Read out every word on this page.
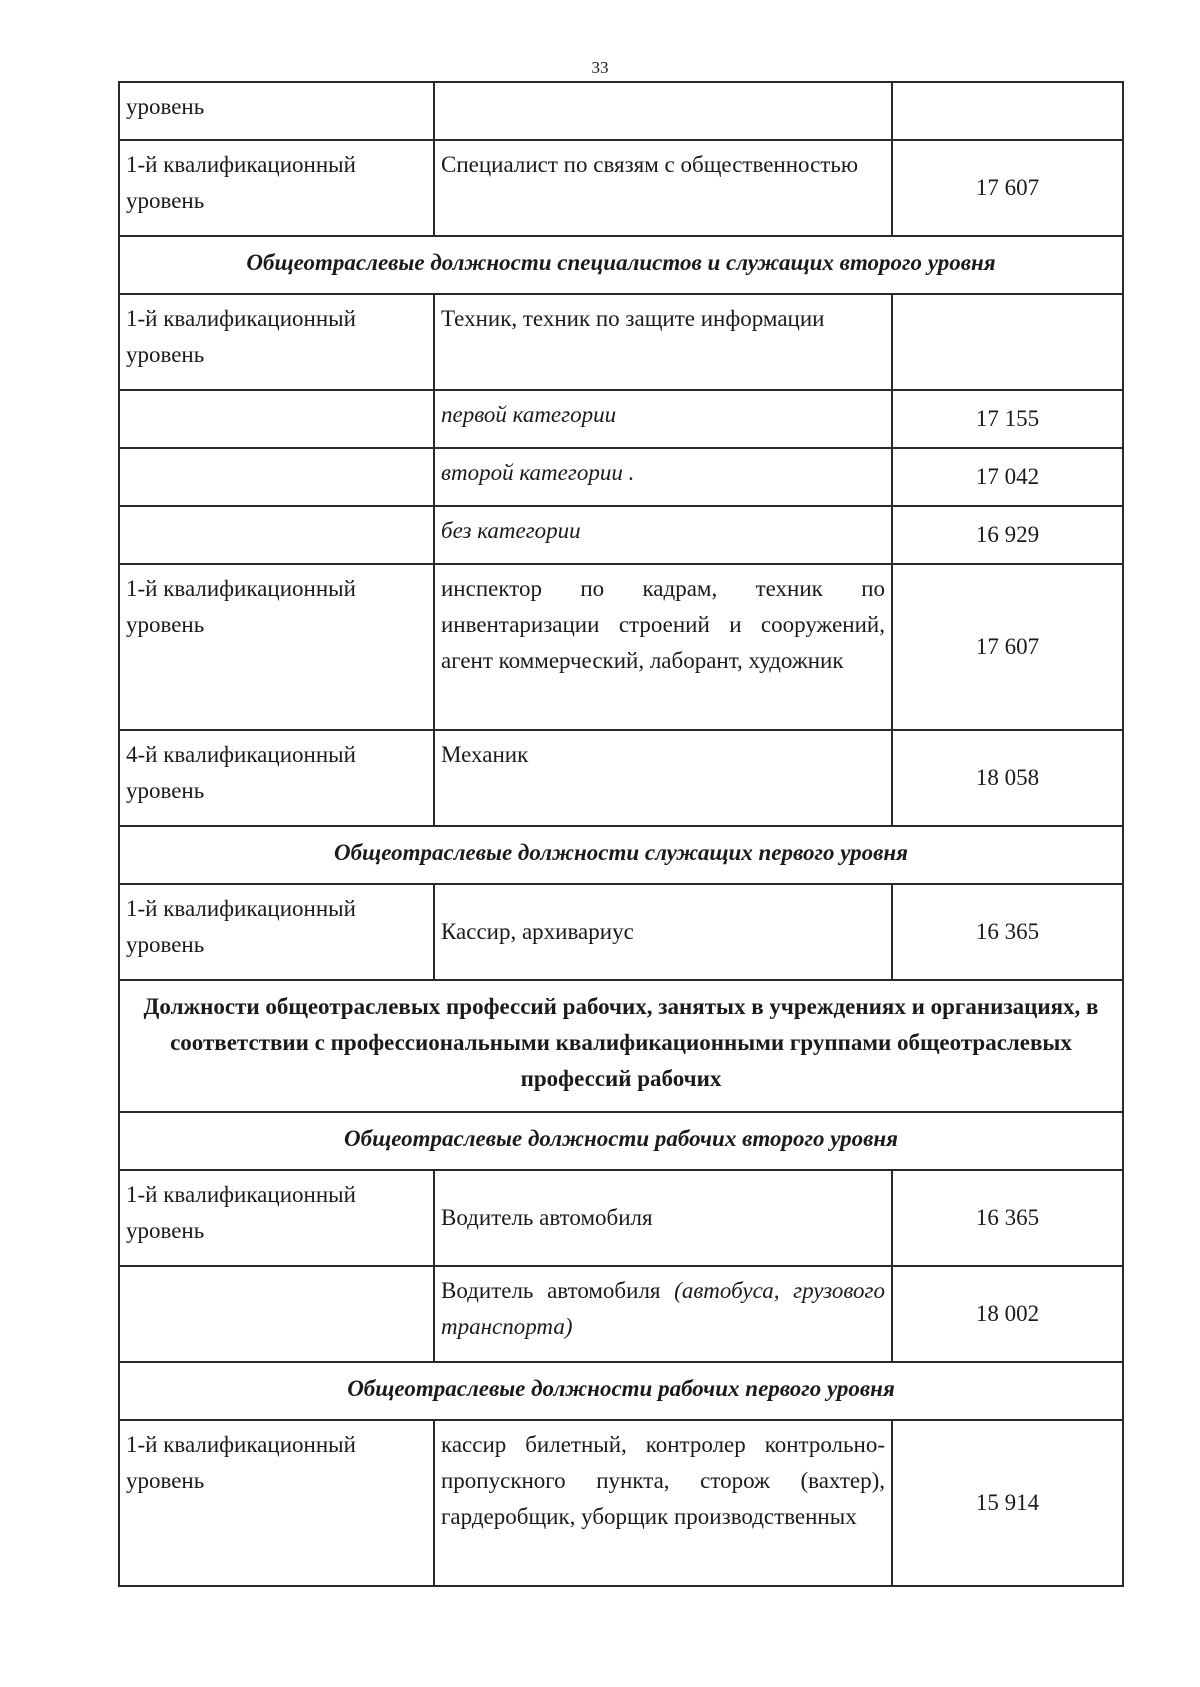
33
уровень		
1-й квалификационный уровень	Специалист по связям с общественностью	17 607
Общеотраслевые должности специалистов и служащих второго уровня		
1-й квалификационный уровень	Техник, техник по защите информации	
	первой категории	17 155
	второй категории .	17 042
	без категории	16 929
1-й квалификационный уровень	инспектор по кадрам, техник по инвентаризации строений и сооружений, агент коммерческий, лаборант, художник	17 607
4-й квалификационный уровень	Механик	18 058
Общеотраслевые должности служащих первого уровня		
1-й квалификационный уровень	Кассир, архивариус	16 365
Должности общеотраслевых профессий рабочих, занятых в учреждениях и организациях, в соответствии с профессиональными квалификационными группами общеотраслевых профессий рабочих		
Общеотраслевые должности рабочих второго уровня		
1-й квалификационный уровень	Водитель автомобиля	16 365
	Водитель автомобиля (автобуса, грузового транспорта)	18 002
Общеотраслевые должности рабочих первого уровня		
1-й квалификационный уровень	кассир билетный, контролер контрольно-пропускного пункта, сторож (вахтер), гардеробщик, уборщик производственных	15 914
